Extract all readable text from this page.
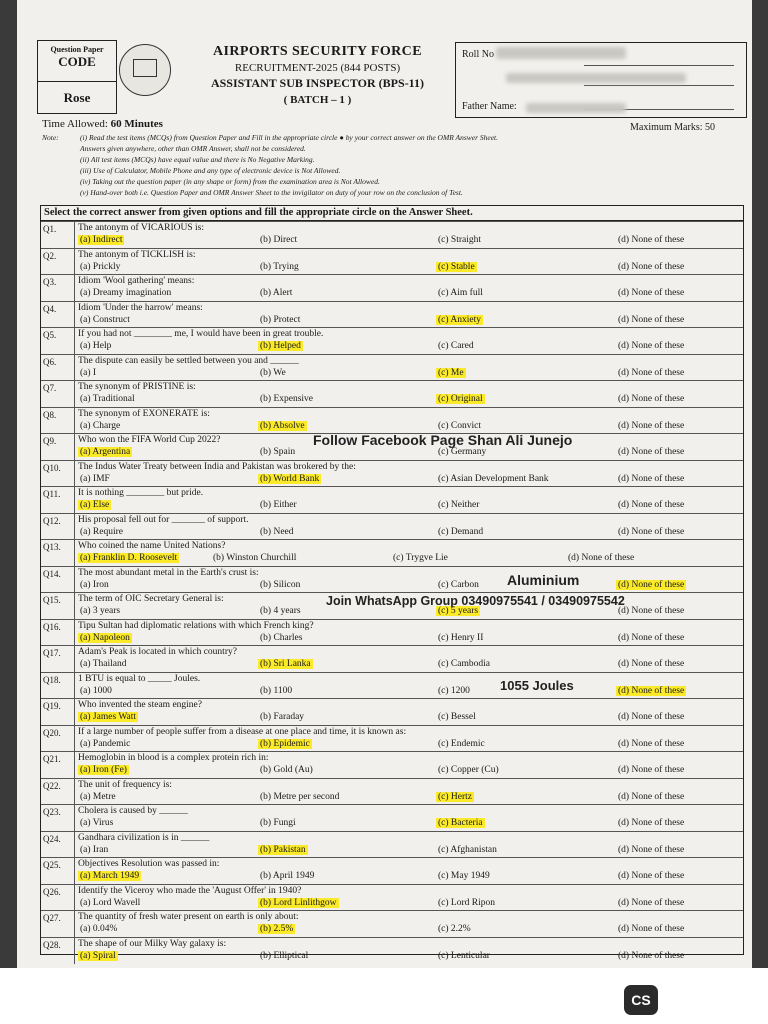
CS
Question Paper
CODE
Rose
AIRPORTS SECURITY FORCE
RECRUITMENT-2025 (844 POSTS)
ASSISTANT SUB INSPECTOR (BPS-11)
( BATCH – 1 )
Roll No
Father Name:
Time Allowed: 60 Minutes	Maximum Marks: 50
Note:	(i) Read the test items (MCQs) from Question Paper and Fill in the appropriate circle ● by your correct answer on the OMR Answer Sheet.
Answers given anywhere, other than OMR Answer, shall not be considered.
(ii) All test items (MCQs) have equal value and there is No Negative Marking.
(iii) Use of Calculator, Mobile Phone and any type of electronic device is Not Allowed.
(iv) Taking out the question paper (in any shape or form) from the examination area is Not Allowed.
(v) Hand-over both i.e. Question Paper and OMR Answer Sheet to the invigilator on duty of your row on the conclusion of Test.
Select the correct answer from given options and fill the appropriate circle on the Answer Sheet.
Q1. The antonym of VICARIOUS is:
(a) Indirect	(b) Direct	(c) Straight	(d) None of these
Q2. The antonym of TICKLISH is:
(a) Prickly	(b) Trying	(c) Stable	(d) None of these
Q3. Idiom 'Wool gathering' means:
(a) Dreamy imagination	(b) Alert	(c) Aim full	(d) None of these
Q4. Idiom 'Under the harrow' means:
(a) Construct	(b) Protect	(c) Anxiety	(d) None of these
Q5. If you had not ________ me, I would have been in great trouble.
(a) Help	(b) Helped	(c) Cared	(d) None of these
Q6. The dispute can easily be settled between you and ______
(a) I	(b) We	(c) Me	(d) None of these
Q7. The synonym of PRISTINE is:
(a) Traditional	(b) Expensive	(c) Original	(d) None of these
Q8. The synonym of EXONERATE is:
(a) Charge	(b) Absolve	(c) Convict	(d) None of these
Q9. Who won the FIFA World Cup 2022?
(a) Argentina	(b) Spain	(c) Germany	(d) None of these
Q10. The Indus Water Treaty between India and Pakistan was brokered by the:
(a) IMF	(b) World Bank	(c) Asian Development Bank	(d) None of these
Q11. It is nothing ________ but pride.
(a) Else	(b) Either	(c) Neither	(d) None of these
Q12. His proposal fell out for _______ of support.
(a) Require	(b) Need	(c) Demand	(d) None of these
Q13. Who coined the name United Nations?
(a) Franklin D. Roosevelt	(b) Winston Churchill	(c) Trygve Lie	(d) None of these
Q14. The most abundant metal in the Earth's crust is:
(a) Iron	(b) Silicon	(c) Carbon	(d) None of these
Q15. The term of OIC Secretary General is:
(a) 3 years	(b) 4 years	(c) 5 years	(d) None of these
Q16. Tipu Sultan had diplomatic relations with which French king?
(a) Napoleon	(b) Charles	(c) Henry II	(d) None of these
Q17. Adam's Peak is located in which country?
(a) Thailand	(b) Sri Lanka	(c) Cambodia	(d) None of these
Q18. 1 BTU is equal to _____ Joules.
(a) 1000	(b) 1100	(c) 1200	(d) None of these
Q19. Who invented the steam engine?
(a) James Watt	(b) Faraday	(c) Bessel	(d) None of these
Q20. If a large number of people suffer from a disease at one place and time, it is known as:
(a) Pandemic	(b) Epidemic	(c) Endemic	(d) None of these
Q21. Hemoglobin in blood is a complex protein rich in:
(a) Iron (Fe)	(b) Gold (Au)	(c) Copper (Cu)	(d) None of these
Q22. The unit of frequency is:
(a) Metre	(b) Metre per second	(c) Hertz	(d) None of these
Q23. Cholera is caused by ______
(a) Virus	(b) Fungi	(c) Bacteria	(d) None of these
Q24. Gandhara civilization is in ______
(a) Iran	(b) Pakistan	(c) Afghanistan	(d) None of these
Q25. Objectives Resolution was passed in:
(a) March 1949	(b) April 1949	(c) May 1949	(d) None of these
Q26. Identify the Viceroy who made the 'August Offer' in 1940?
(a) Lord Wavell	(b) Lord Linlithgow	(c) Lord Ripon	(d) None of these
Q27. The quantity of fresh water present on earth is only about:
(a) 0.04%	(b) 2.5%	(c) 2.2%	(d) None of these
Q28. The shape of our Milky Way galaxy is:
(a) Spiral	(b) Elliptical	(c) Lenticular	(d) None of these
Follow Facebook Page Shan Ali Junejo
Aluminium
Join WhatsApp Group 03490975541 / 03490975542
1055 Joules
